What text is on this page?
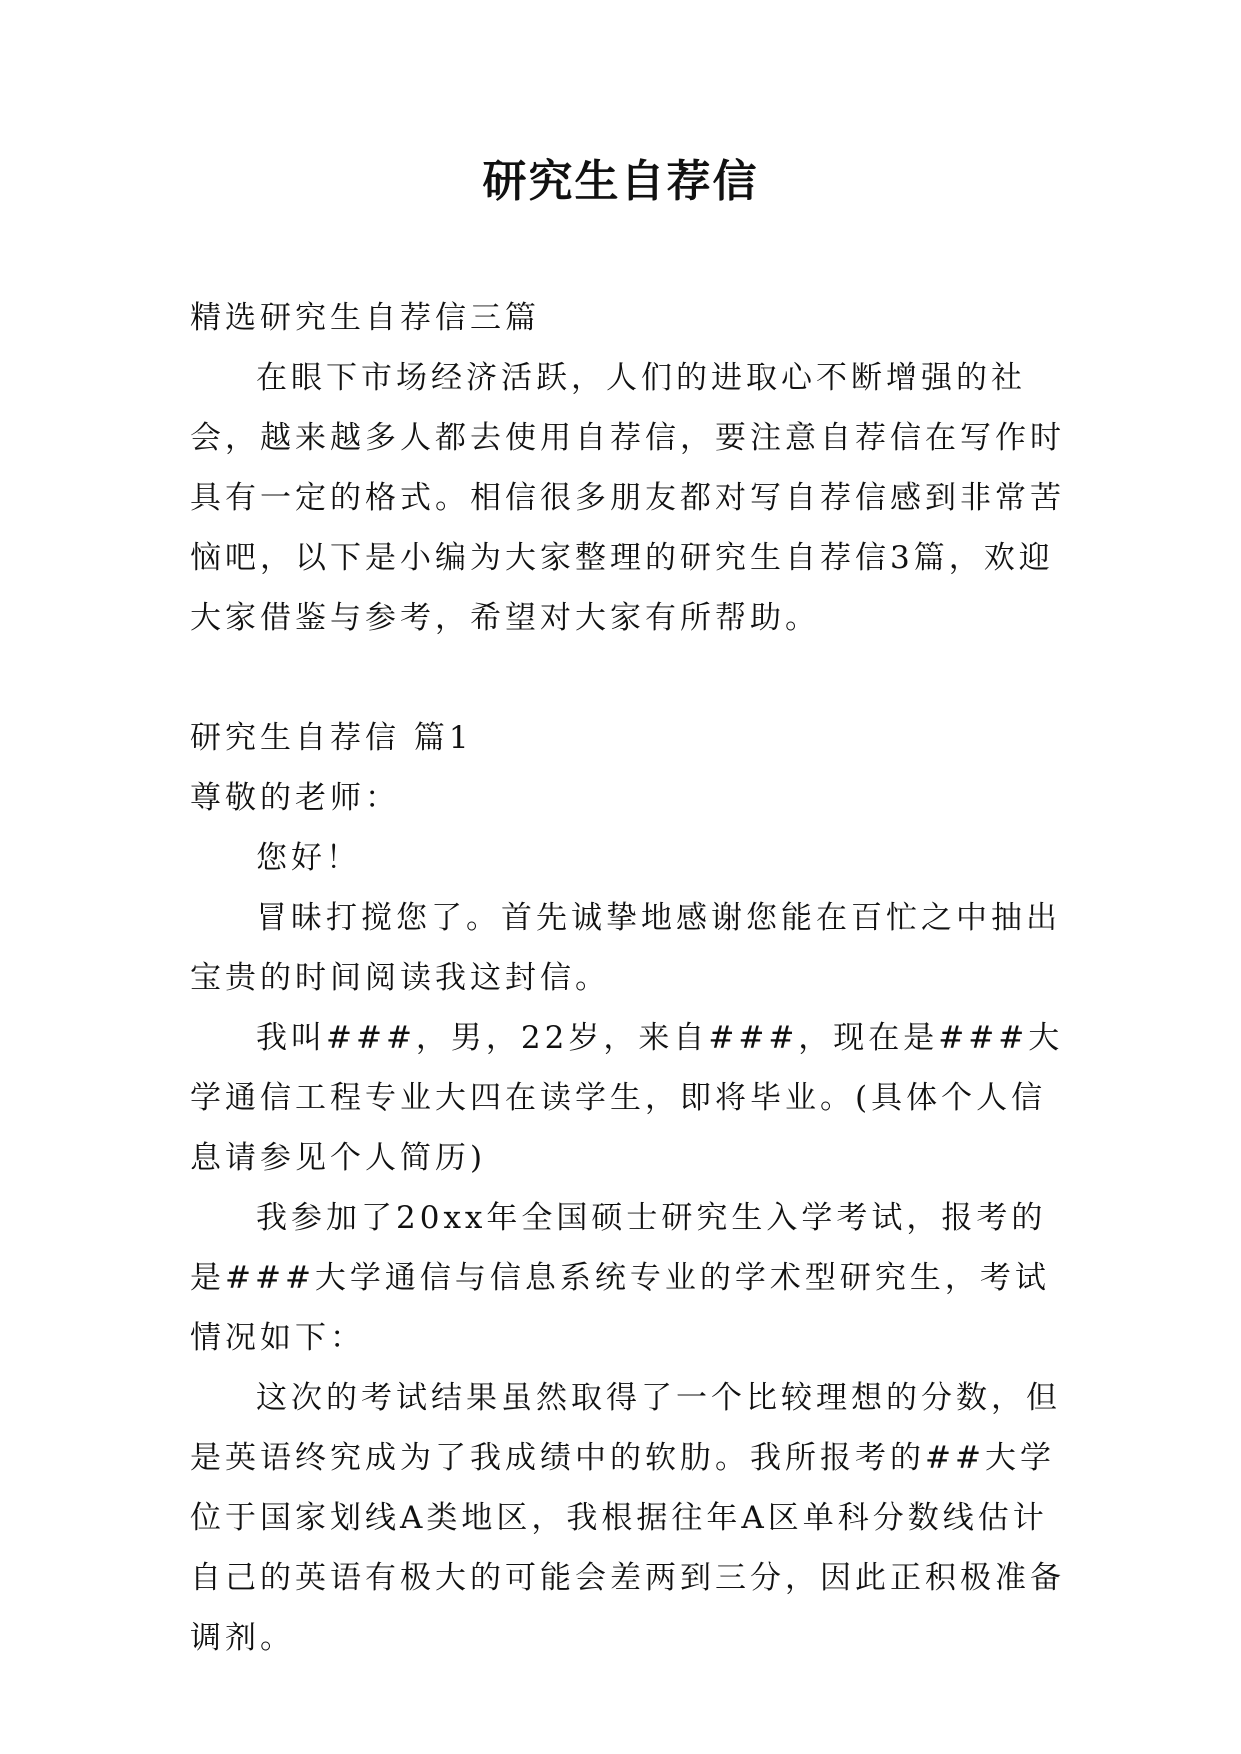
研究生自荐信

精选研究生自荐信三篇

在眼下市场经济活跃，人们的进取心不断增强的社会，越来越多人都去使用自荐信，要注意自荐信在写作时具有一定的格式。相信很多朋友都对写自荐信感到非常苦恼吧，以下是小编为大家整理的研究生自荐信3篇，欢迎大家借鉴与参考，希望对大家有所帮助。

研究生自荐信 篇1

尊敬的老师：

您好！

冒昧打搅您了。首先诚挚地感谢您能在百忙之中抽出宝贵的时间阅读我这封信。

我叫###，男，22岁，来自###，现在是###大学通信工程专业大四在读学生，即将毕业。(具体个人信息请参见个人简历)

我参加了20xx年全国硕士研究生入学考试，报考的是###大学通信与信息系统专业的学术型研究生，考试情况如下：

这次的考试结果虽然取得了一个比较理想的分数，但是英语终究成为了我成绩中的软肋。我所报考的##大学位于国家划线A类地区，我根据往年A区单科分数线估计自己的英语有极大的可能会差两到三分，因此正积极准备调剂。
